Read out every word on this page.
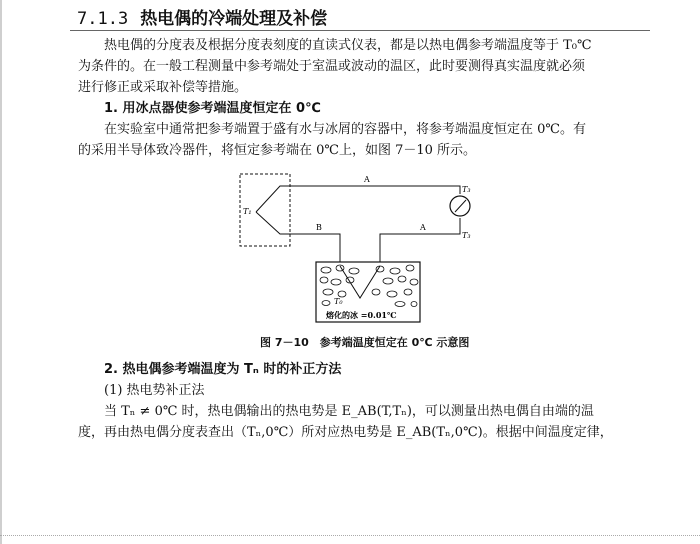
7.1.3 热电偶的冷端处理及补偿
热电偶的分度表及根据分度表刻度的直读式仪表，都是以热电偶参考端温度等于 T₀℃
为条件的。在一般工程测量中参考端处于室温或波动的温区，此时要测得真实温度就必须
进行修正或采取补偿等措施。
1. 用冰点器使参考端温度恒定在 0℃
在实验室中通常把参考端置于盛有水与冰屑的容器中，将参考端温度恒定在 0℃。有
的采用半导体致冷器件，将恒定参考端在 0℃上，如图 7－10 所示。
A
B	A
T₁
T₃
T₃
T₀
熔化的冰 =0.01℃
图 7－10　参考端温度恒定在 0℃ 示意图
2. 热电偶参考端温度为 Tₙ 时的补正方法
(1) 热电势补正法
当 Tₙ ≠ 0℃ 时，热电偶输出的热电势是 E_AB(T,Tₙ)，可以测量出热电偶自由端的温
度，再由热电偶分度表查出（Tₙ,0℃）所对应热电势是 E_AB(Tₙ,0℃)。根据中间温度定律，
